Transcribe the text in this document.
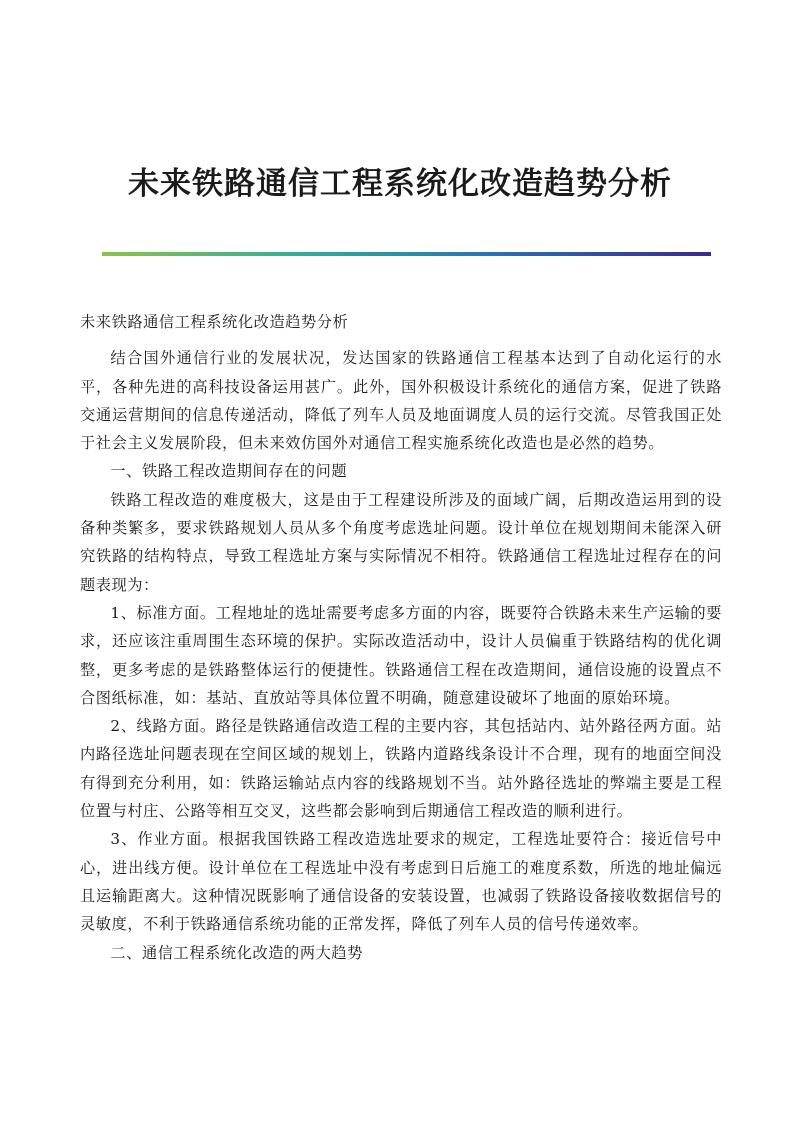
未来铁路通信工程系统化改造趋势分析

未来铁路通信工程系统化改造趋势分析

结合国外通信行业的发展状况，发达国家的铁路通信工程基本达到了自动化运行的水平，各种先进的高科技设备运用甚广。此外，国外积极设计系统化的通信方案，促进了铁路交通运营期间的信息传递活动，降低了列车人员及地面调度人员的运行交流。尽管我国正处于社会主义发展阶段，但未来效仿国外对通信工程实施系统化改造也是必然的趋势。

一、铁路工程改造期间存在的问题

铁路工程改造的难度极大，这是由于工程建设所涉及的面域广阔，后期改造运用到的设备种类繁多，要求铁路规划人员从多个角度考虑选址问题。设计单位在规划期间未能深入研究铁路的结构特点，导致工程选址方案与实际情况不相符。铁路通信工程选址过程存在的问题表现为：

1、标准方面。工程地址的选址需要考虑多方面的内容，既要符合铁路未来生产运输的要求，还应该注重周围生态环境的保护。实际改造活动中，设计人员偏重于铁路结构的优化调整，更多考虑的是铁路整体运行的便捷性。铁路通信工程在改造期间，通信设施的设置点不合图纸标准，如：基站、直放站等具体位置不明确，随意建设破坏了地面的原始环境。

2、线路方面。路径是铁路通信改造工程的主要内容，其包括站内、站外路径两方面。站内路径选址问题表现在空间区域的规划上，铁路内道路线条设计不合理，现有的地面空间没有得到充分利用，如：铁路运输站点内容的线路规划不当。站外路径选址的弊端主要是工程位置与村庄、公路等相互交叉，这些都会影响到后期通信工程改造的顺利进行。

3、作业方面。根据我国铁路工程改造选址要求的规定，工程选址要符合：接近信号中心，进出线方便。设计单位在工程选址中没有考虑到日后施工的难度系数，所选的地址偏远且运输距离大。这种情况既影响了通信设备的安装设置，也减弱了铁路设备接收数据信号的灵敏度，不利于铁路通信系统功能的正常发挥，降低了列车人员的信号传递效率。

二、通信工程系统化改造的两大趋势
